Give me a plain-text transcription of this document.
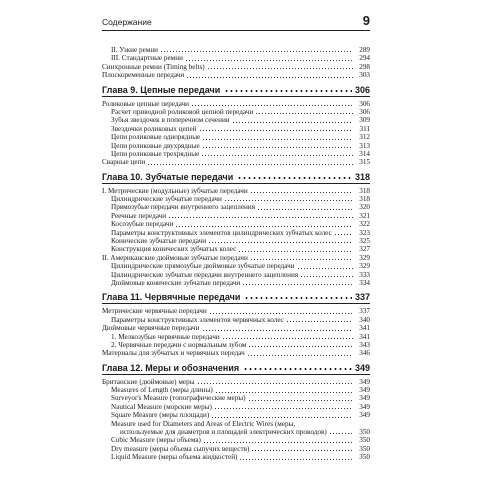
Содержание	9
II. Узкие ремни	289
III. Стандартные ремни	294
Синхронные ремни (Timing belts)	298
Плоскоременные передачи	303
Глава 9. Цепные передачи	306
Роликовые цепные передачи	306
Расчет приводной роликовой цепной передачи	306
Зубья звездочек в поперечном сечении	309
Звездочки роликовых цепей	311
Цепи роликовые однорядные	312
Цепи роликовые двухрядные	313
Цепи роликовые трехрядные	314
Сварные цепи	315
Глава 10. Зубчатые передачи	318
I. Метрические (модульные) зубчатые передачи	318
Цилиндрические зубчатые передачи	318
Прямозубые передачи внутреннего зацепления	320
Реечные передачи	321
Косозубые передачи	322
Параметры конструктивных элементов цилиндрических зубчатых колес	323
Конические зубчатые передачи	325
Конструкция конических зубчатых колес	327
II. Американские дюймовые зубчатые передачи	329
Цилиндрические прямозубые дюймовые зубчатые передачи	329
Цилиндрические зубчатые передачи внутреннего зацепления	333
Дюймовые конические зубчатые передачи	334
Глава 11. Червячные передачи	337
Метрические червячные передачи	337
Параметры конструктивных элементов червячных колес	340
Дюймовые червячные передачи	341
1. Мелкозубые червячные передачи	341
2. Червячные передачи с нормальным зубом	343
Материалы для зубчатых и червячных передач	346
Глава 12. Меры и обозначения	349
Британские (дюймовые) меры	349
Measures of Length (меры длины)	349
Surveyor's Measure (топографические меры)	349
Nautical Measure (морские меры)	349
Square Measure (меры площади)	349
Measure used for Diameters and Areas of Electric Wires (меры,
используемые для диаметров и площадей электрических проводов)	350
Cubic Measure (меры объема)	350
Dry measure (меры объема сыпучих веществ)	350
Liquid Measure (меры объема жидкостей)	350
